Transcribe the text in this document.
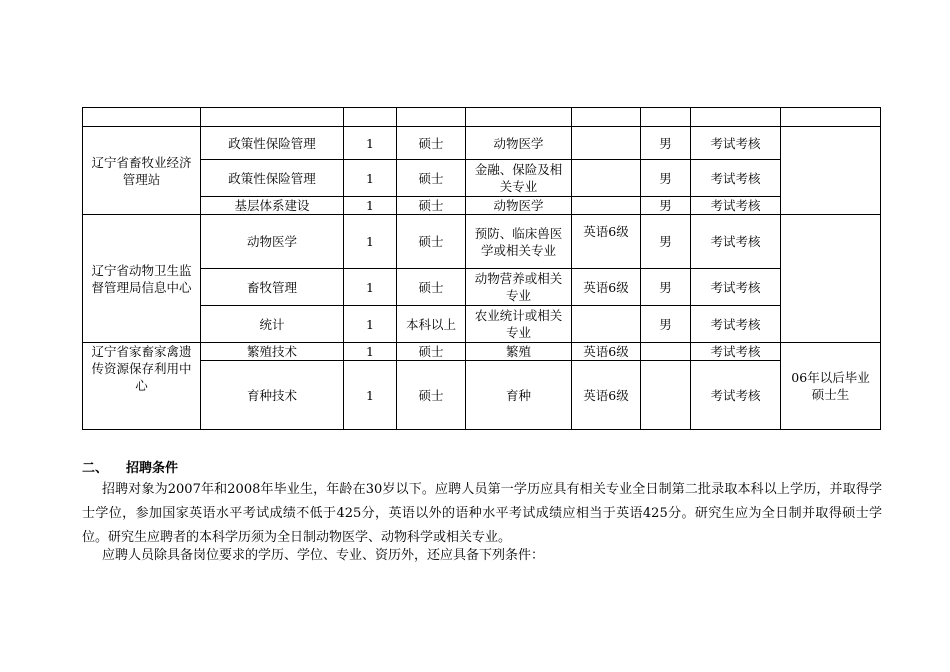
辽宁省畜牧业经济管理站	政策性保险管理	1	硕士	动物医学		男	考试考核	
	政策性保险管理	1	硕士	金融、保险及相关专业		男	考试考核	
	基层体系建设	1	硕士	动物医学		男	考试考核	
辽宁省动物卫生监督管理局信息中心	动物医学	1	硕士	预防、临床兽医学或相关专业	英语6级	男	考试考核	
	畜牧管理	1	硕士	动物营养或相关专业	英语6级	男	考试考核	
	统计	1	本科以上	农业统计或相关专业		男	考试考核	
辽宁省家畜家禽遗传资源保存利用中心	繁殖技术	1	硕士	繁殖	英语6级		考试考核	06年以后毕业硕士生
	育种技术	1	硕士	育种	英语6级		考试考核	
二、 招聘条件

招聘对象为2007年和2008年毕业生，年龄在30岁以下。应聘人员第一学历应具有相关专业全日制第二批录取本科以上学历，并取得学士学位，参加国家英语水平考试成绩不低于425分，英语以外的语种水平考试成绩应相当于英语425分。研究生应为全日制并取得硕士学位。研究生应聘者的本科学历须为全日制动物医学、动物科学或相关专业。

应聘人员除具备岗位要求的学历、学位、专业、资历外，还应具备下列条件：
